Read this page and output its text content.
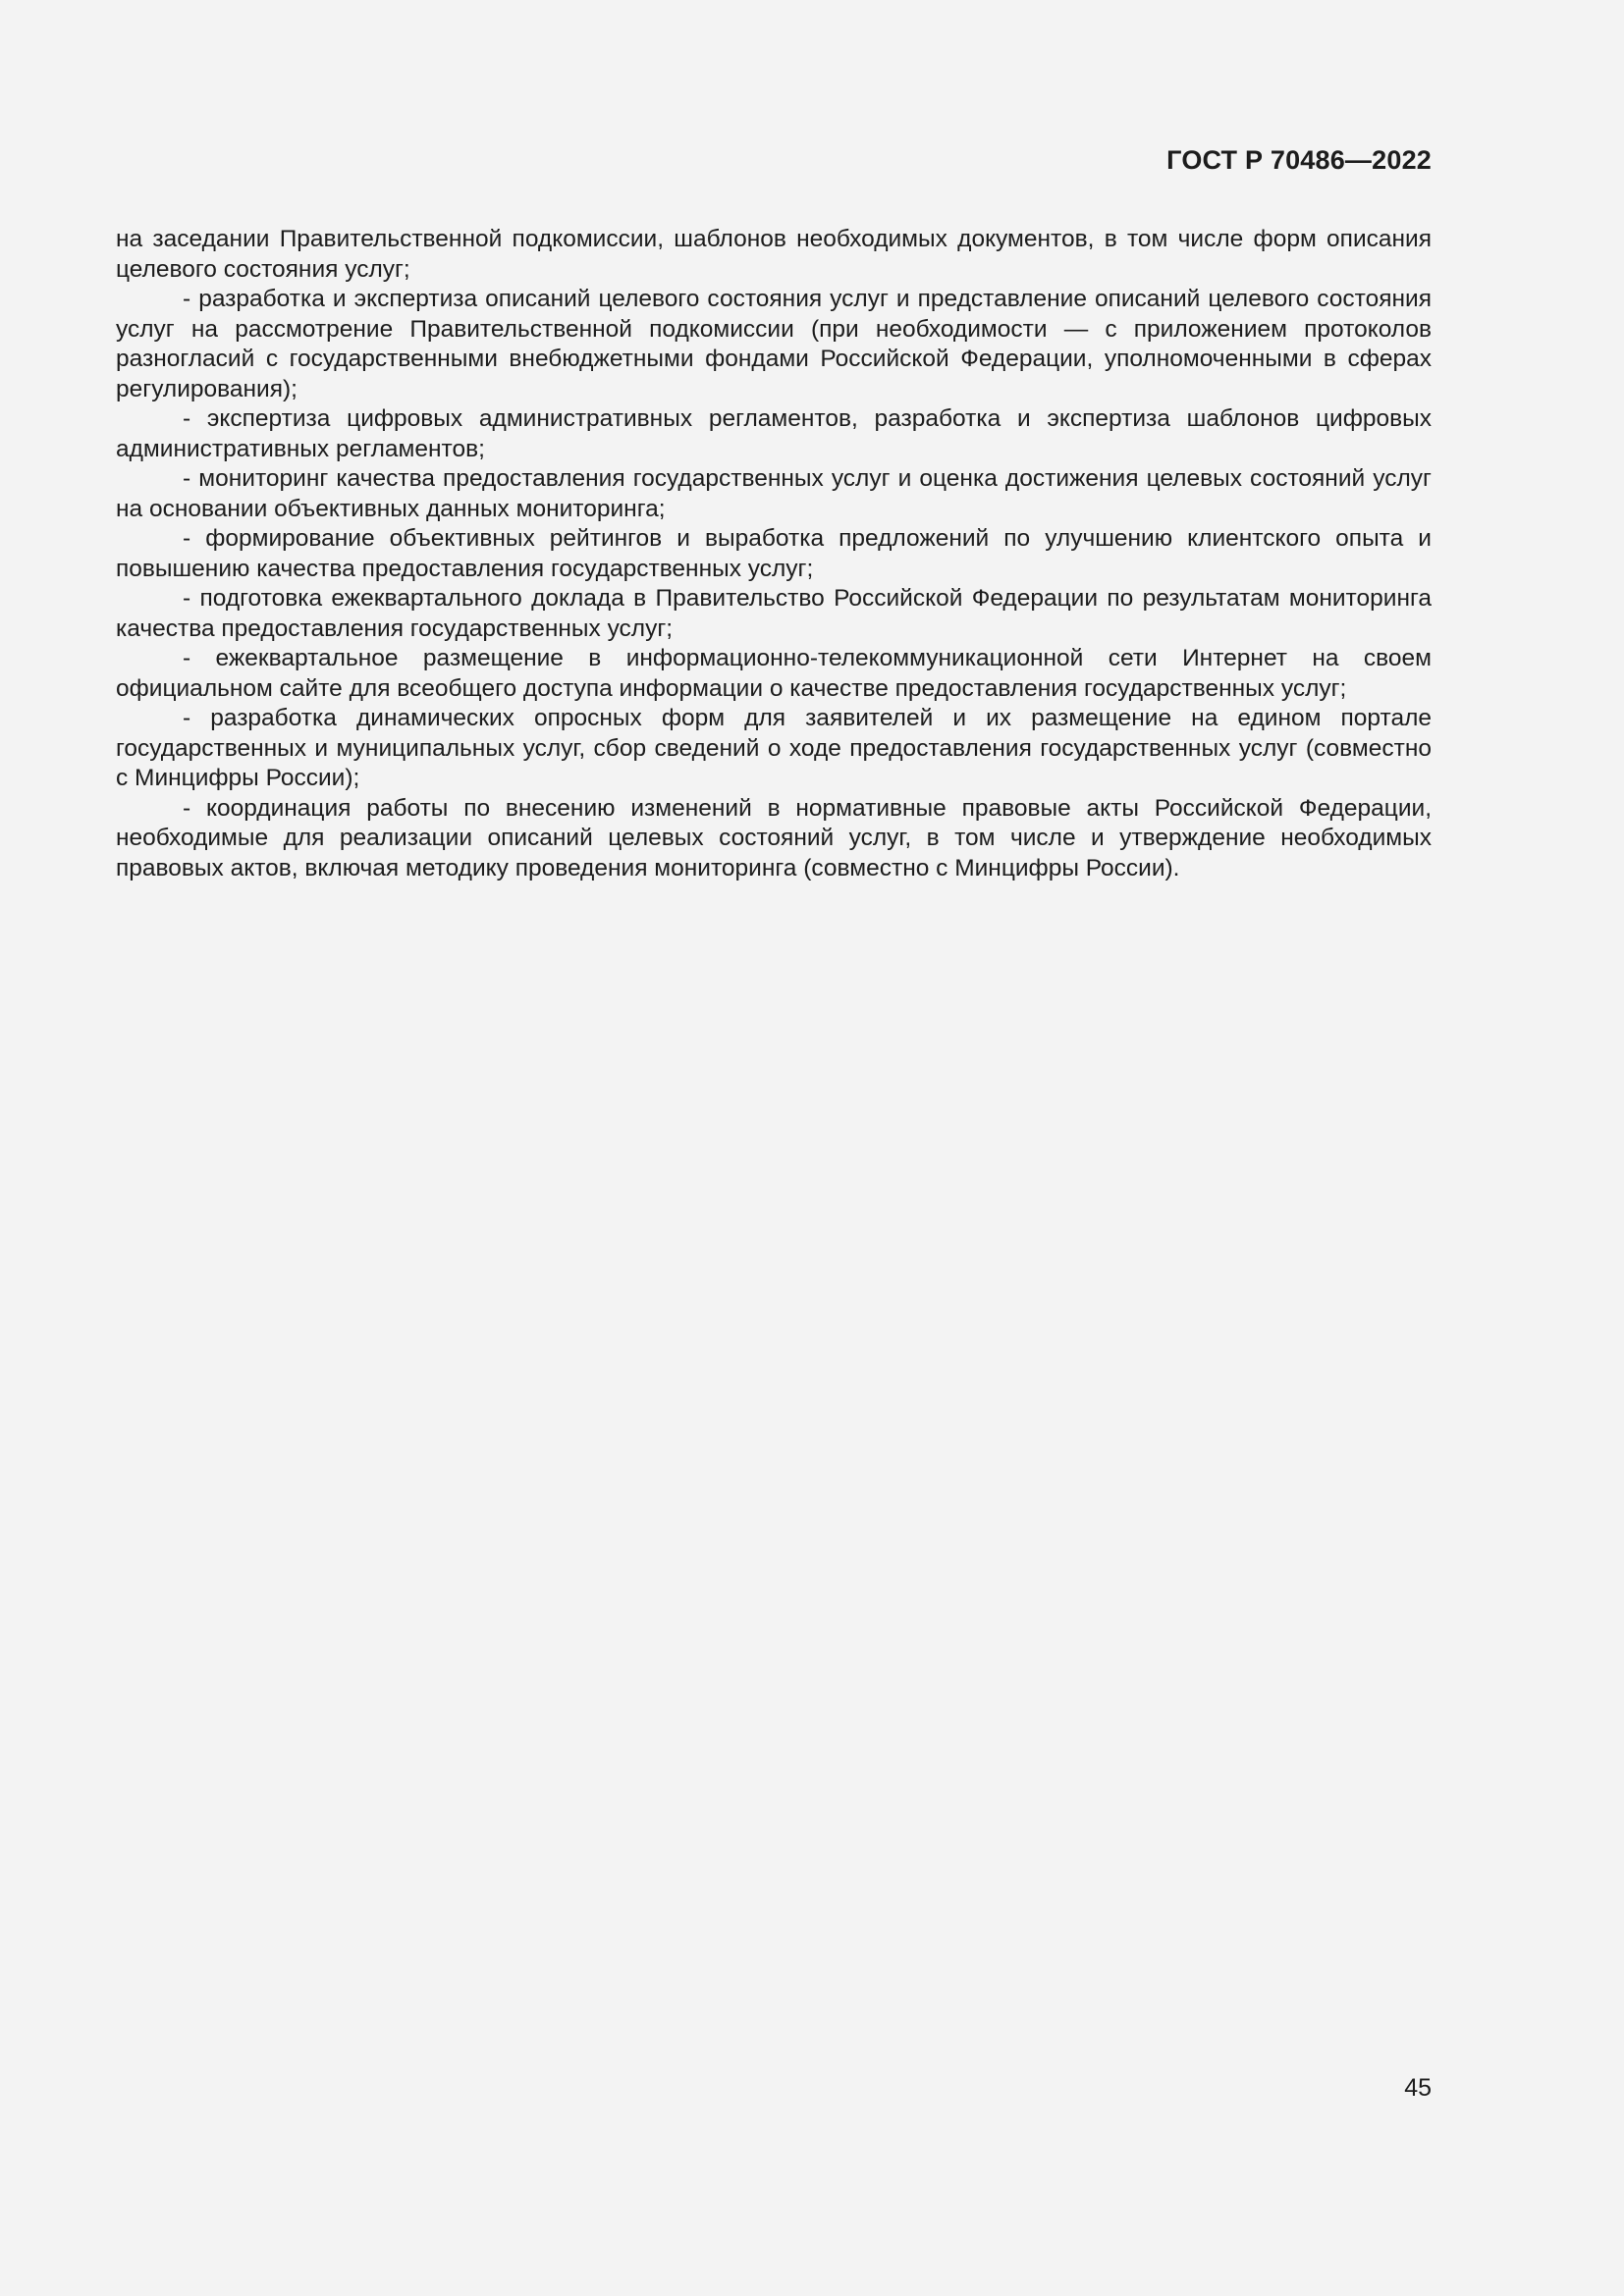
ГОСТ Р 70486—2022

на заседании Правительственной подкомиссии, шаблонов необходимых документов, в том числе форм описания целевого состояния услуг;

- разработка и экспертиза описаний целевого состояния услуг и представление описаний целевого состояния услуг на рассмотрение Правительственной подкомиссии (при необходимости — с приложением протоколов разногласий с государственными внебюджетными фондами Российской Федерации, уполномоченными в сферах регулирования);

- экспертиза цифровых административных регламентов, разработка и экспертиза шаблонов цифровых административных регламентов;

- мониторинг качества предоставления государственных услуг и оценка достижения целевых состояний услуг на основании объективных данных мониторинга;

- формирование объективных рейтингов и выработка предложений по улучшению клиентского опыта и повышению качества предоставления государственных услуг;

- подготовка ежеквартального доклада в Правительство Российской Федерации по результатам мониторинга качества предоставления государственных услуг;

- ежеквартальное размещение в информационно-телекоммуникационной сети Интернет на своем официальном сайте для всеобщего доступа информации о качестве предоставления государственных услуг;

- разработка динамических опросных форм для заявителей и их размещение на едином портале государственных и муниципальных услуг, сбор сведений о ходе предоставления государственных услуг (совместно с Минцифры России);

- координация работы по внесению изменений в нормативные правовые акты Российской Федерации, необходимые для реализации описаний целевых состояний услуг, в том числе и утверждение необходимых правовых актов, включая методику проведения мониторинга (совместно с Минцифры России).

45
